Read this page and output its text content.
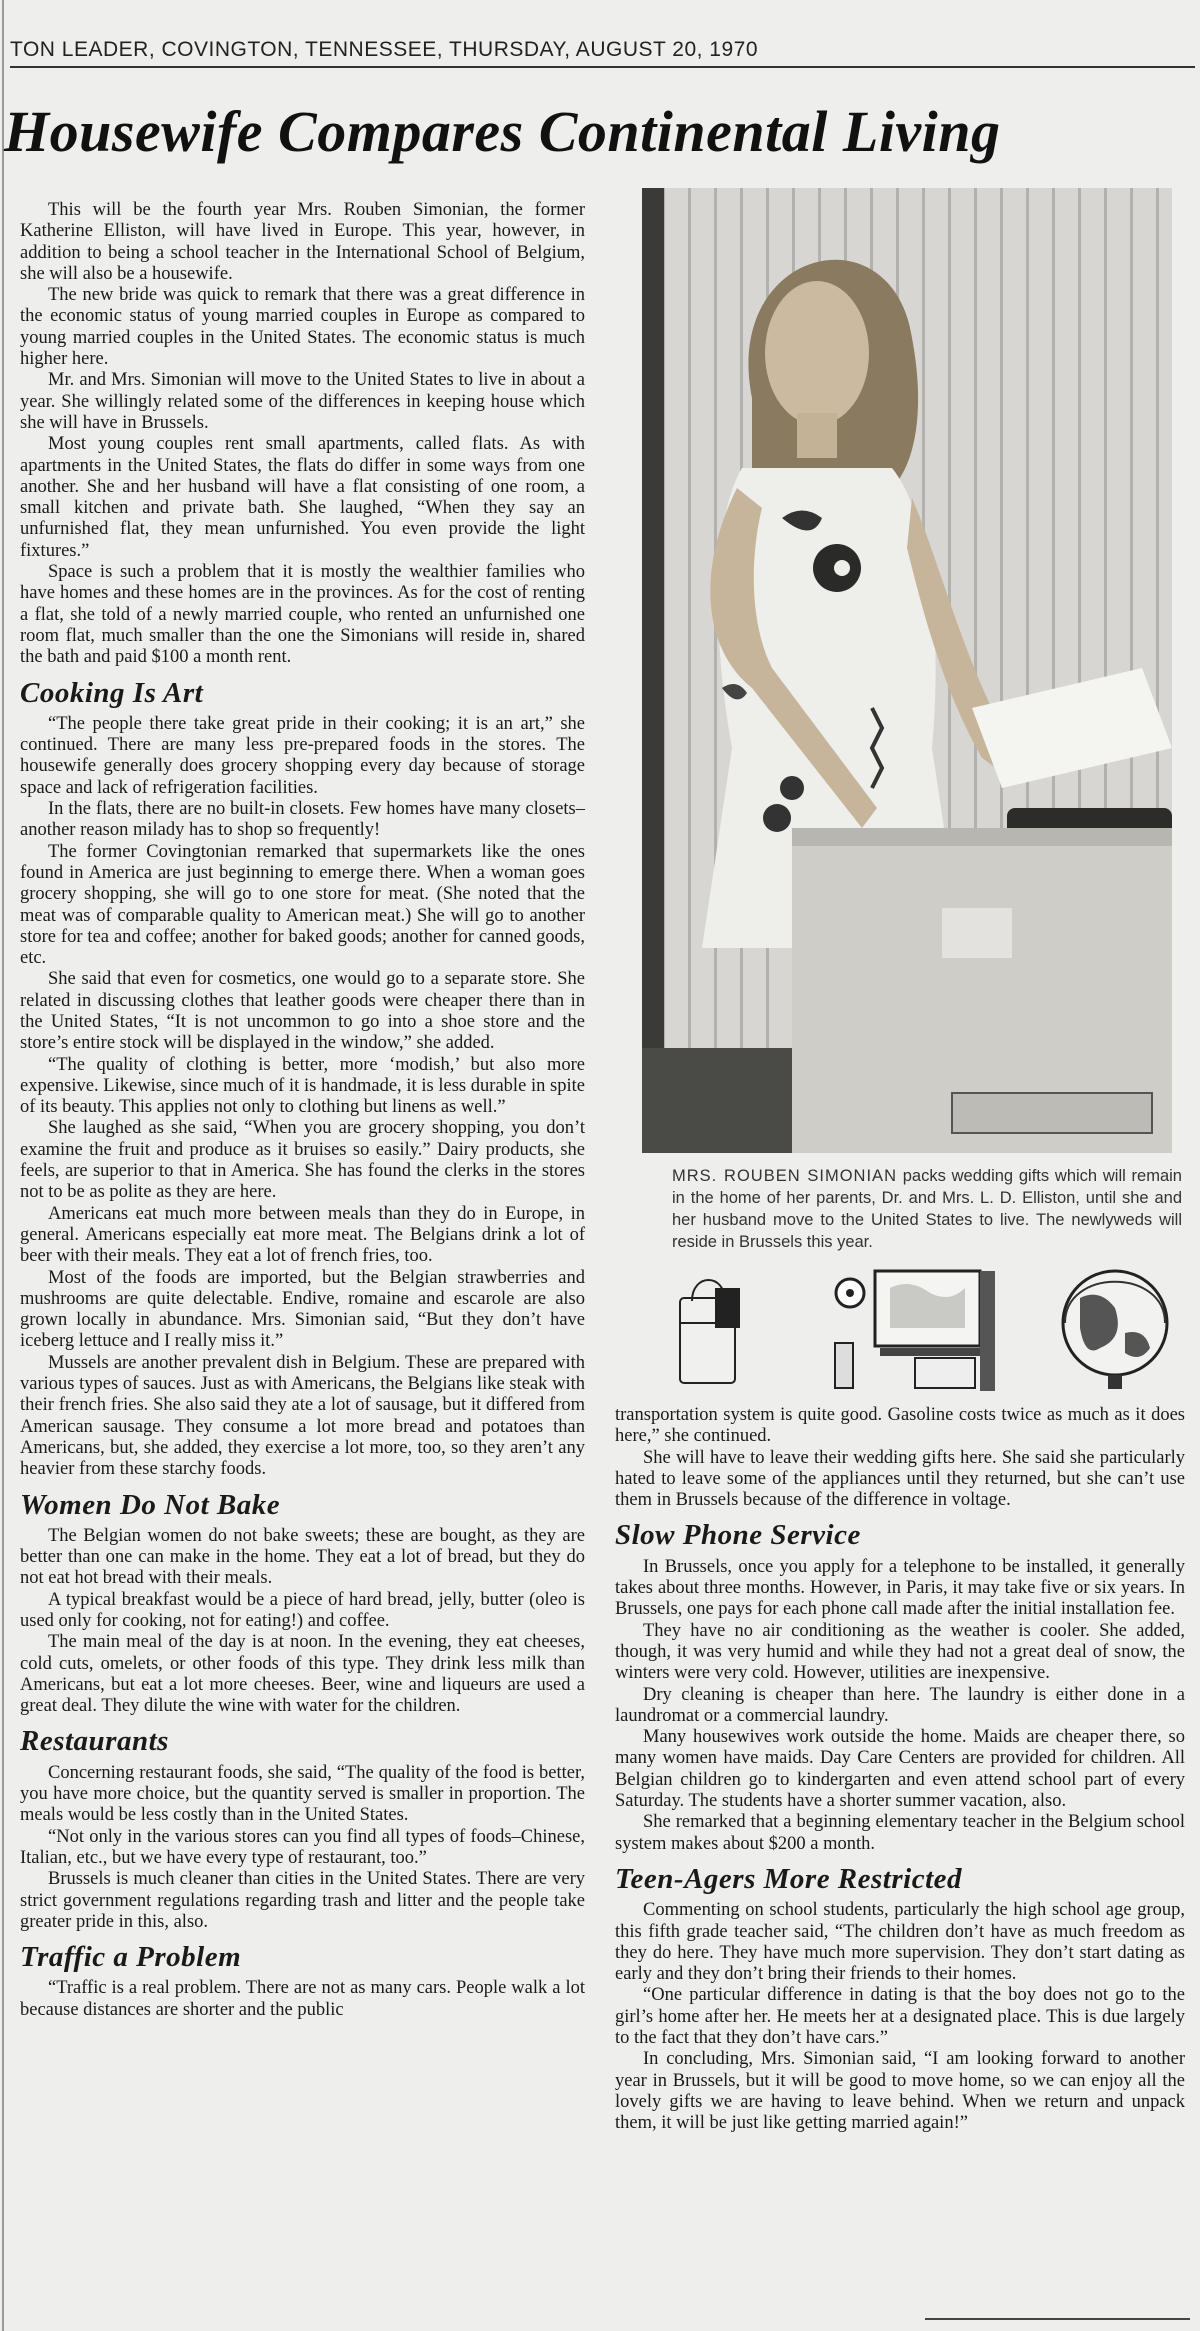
TON LEADER, COVINGTON, TENNESSEE, THURSDAY, AUGUST 20, 1970
Housewife Compares Continental Living

This will be the fourth year Mrs. Rouben Simonian, the former Katherine Elliston, will have lived in Europe. This year, however, in addition to being a school teacher in the International School of Belgium, she will also be a housewife.

The new bride was quick to remark that there was a great difference in the economic status of young married couples in Europe as compared to young married couples in the United States. The economic status is much higher here.

Mr. and Mrs. Simonian will move to the United States to live in about a year. She willingly related some of the differences in keeping house which she will have in Brussels.

Most young couples rent small apartments, called flats. As with apartments in the United States, the flats do differ in some ways from one another. She and her husband will have a flat consisting of one room, a small kitchen and private bath. She laughed, “When they say an unfurnished flat, they mean unfurnished. You even provide the light fixtures.”

Space is such a problem that it is mostly the wealthier families who have homes and these homes are in the provinces. As for the cost of renting a flat, she told of a newly married couple, who rented an unfurnished one room flat, much smaller than the one the Simonians will reside in, shared the bath and paid $100 a month rent.

Cooking Is Art

“The people there take great pride in their cooking; it is an art,” she continued. There are many less pre-prepared foods in the stores. The housewife generally does grocery shopping every day because of storage space and lack of refrigeration facilities.

In the flats, there are no built-in closets. Few homes have many closets– another reason milady has to shop so frequently!

The former Covingtonian remarked that supermarkets like the ones found in America are just beginning to emerge there. When a woman goes grocery shopping, she will go to one store for meat. (She noted that the meat was of comparable quality to American meat.) She will go to another store for tea and coffee; another for baked goods; another for canned goods, etc.

She said that even for cosmetics, one would go to a separate store. She related in discussing clothes that leather goods were cheaper there than in the United States, “It is not uncommon to go into a shoe store and the store’s entire stock will be displayed in the window,” she added.

“The quality of clothing is better, more ‘modish,’ but also more expensive. Likewise, since much of it is handmade, it is less durable in spite of its beauty. This applies not only to clothing but linens as well.”

She laughed as she said, “When you are grocery shopping, you don’t examine the fruit and produce as it bruises so easily.” Dairy products, she feels, are superior to that in America. She has found the clerks in the stores not to be as polite as they are here.

Americans eat much more between meals than they do in Europe, in general. Americans especially eat more meat. The Belgians drink a lot of beer with their meals. They eat a lot of french fries, too.

Most of the foods are imported, but the Belgian strawberries and mushrooms are quite delectable. Endive, romaine and escarole are also grown locally in abundance. Mrs. Simonian said, “But they don’t have iceberg lettuce and I really miss it.”

Mussels are another prevalent dish in Belgium. These are prepared with various types of sauces. Just as with Americans, the Belgians like steak with their french fries. She also said they ate a lot of sausage, but it differed from American sausage. They consume a lot more bread and potatoes than Americans, but, she added, they exercise a lot more, too, so they aren’t any heavier from these starchy foods.

Women Do Not Bake

The Belgian women do not bake sweets; these are bought, as they are better than one can make in the home. They eat a lot of bread, but they do not eat hot bread with their meals.

A typical breakfast would be a piece of hard bread, jelly, butter (oleo is used only for cooking, not for eating!) and coffee.

The main meal of the day is at noon. In the evening, they eat cheeses, cold cuts, omelets, or other foods of this type. They drink less milk than Americans, but eat a lot more cheeses. Beer, wine and liqueurs are used a great deal. They dilute the wine with water for the children.

Restaurants

Concerning restaurant foods, she said, “The quality of the food is better, you have more choice, but the quantity served is smaller in proportion. The meals would be less costly than in the United States.

“Not only in the various stores can you find all types of foods–Chinese, Italian, etc., but we have every type of restaurant, too.”

Brussels is much cleaner than cities in the United States. There are very strict government regulations regarding trash and litter and the people take greater pride in this, also.

Traffic a Problem

“Traffic is a real problem. There are not as many cars. People walk a lot because distances are shorter and the public

MRS. ROUBEN SIMONIAN packs wedding gifts which will remain in the home of her parents, Dr. and Mrs. L. D. Elliston, until she and her husband move to the United States to live. The newlyweds will reside in Brussels this year.

transportation system is quite good. Gasoline costs twice as much as it does here,” she continued.

She will have to leave their wedding gifts here. She said she particularly hated to leave some of the appliances until they returned, but she can’t use them in Brussels because of the difference in voltage.

Slow Phone Service

In Brussels, once you apply for a telephone to be installed, it generally takes about three months. However, in Paris, it may take five or six years. In Brussels, one pays for each phone call made after the initial installation fee.

They have no air conditioning as the weather is cooler. She added, though, it was very humid and while they had not a great deal of snow, the winters were very cold. However, utilities are inexpensive.

Dry cleaning is cheaper than here. The laundry is either done in a laundromat or a commercial laundry.

Many housewives work outside the home. Maids are cheaper there, so many women have maids. Day Care Centers are provided for children. All Belgian children go to kindergarten and even attend school part of every Saturday. The students have a shorter summer vacation, also.

She remarked that a beginning elementary teacher in the Belgium school system makes about $200 a month.

Teen-Agers More Restricted

Commenting on school students, particularly the high school age group, this fifth grade teacher said, “The children don’t have as much freedom as they do here. They have much more supervision. They don’t start dating as early and they don’t bring their friends to their homes.

“One particular difference in dating is that the boy does not go to the girl’s home after her. He meets her at a designated place. This is due largely to the fact that they don’t have cars.”

In concluding, Mrs. Simonian said, “I am looking forward to another year in Brussels, but it will be good to move home, so we can enjoy all the lovely gifts we are having to leave behind. When we return and unpack them, it will be just like getting married again!”
